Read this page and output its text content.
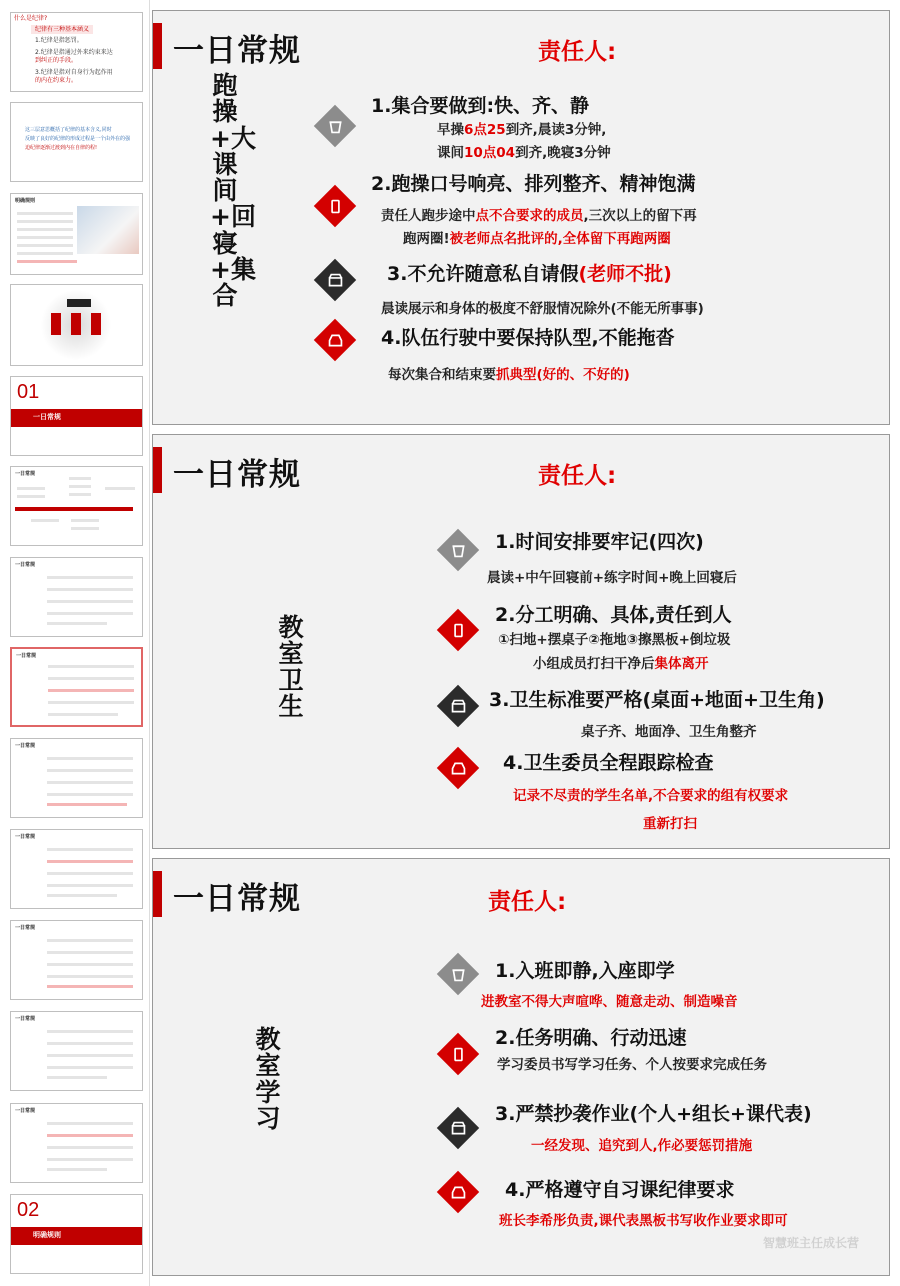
什么是纪律?
纪律有三种基本涵义
1.纪律是指惩罚。
2.纪律是指通过外来约束来达
到纠正的手段。
3.纪律是指对自身行为起作用
的内在约束力。
这三层意思概括了纪律的基本含义,同时
反映了良好的纪律的形成过程是一个由外在的强
迫纪律逐渐过渡到内在自律的程!
明确规则
01
一日常规
一日常规
一日常规
一日常规
一日常规
一日常规
一日常规
一日常规
一日常规
02
明确规则
一日常规	责任人:
跑操+大课间+回寝+集合
1.集合要做到:快、齐、静
早操6点25到齐,晨读3分钟,
课间10点04到齐,晚寝3分钟
2.跑操口号响亮、排列整齐、精神饱满
责任人跑步途中点不合要求的成员,三次以上的留下再
跑两圈!被老师点名批评的,全体留下再跑两圈
3.不允许随意私自请假(老师不批)
晨读展示和身体的极度不舒服情况除外(不能无所事事)
4.队伍行驶中要保持队型,不能拖沓
每次集合和结束要抓典型(好的、不好的)
一日常规	责任人:
教室卫生
1.时间安排要牢记(四次)
晨读+中午回寝前+练字时间+晚上回寝后
2.分工明确、具体,责任到人
①扫地+摆桌子②拖地③擦黑板+倒垃圾
小组成员打扫干净后集体离开
3.卫生标准要严格(桌面+地面+卫生角)
桌子齐、地面净、卫生角整齐
4.卫生委员全程跟踪检查
记录不尽责的学生名单,不合要求的组有权要求
重新打扫
一日常规	责任人:
教室学习
1.入班即静,入座即学
进教室不得大声喧哗、随意走动、制造噪音
2.任务明确、行动迅速
学习委员书写学习任务、个人按要求完成任务
3.严禁抄袭作业(个人+组长+课代表)
一经发现、追究到人,作必要惩罚措施
4.严格遵守自习课纪律要求
班长李希彤负责,课代表黑板书写收作业要求即可
智慧班主任成长营
